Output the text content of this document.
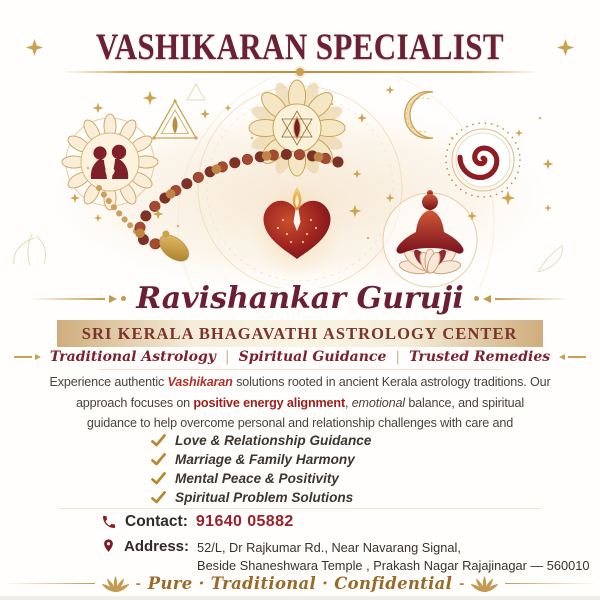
VASHIKARAN SPECIALIST
Ravishankar Guruji
SRI KERALA BHAGAVATHI ASTROLOGY CENTER
Traditional Astrology | Spiritual Guidance | Trusted Remedies
Experience authentic Vashikaran solutions rooted in ancient Kerala astrology traditions. Our
approach focuses on positive energy alignment, emotional balance, and spiritual
guidance to help overcome personal and relationship challenges with care and
Love & Relationship Guidance
Marriage & Family Harmony
Mental Peace & Positivity
Spiritual Problem Solutions
Contact: 91640 05882
Address: 52/L, Dr Rajkumar Rd., Near Navarang Signal,
Beside Shaneshwara Temple , Prakash Nagar Rajajinagar — 560010
- Pure · Traditional · Confidential -
